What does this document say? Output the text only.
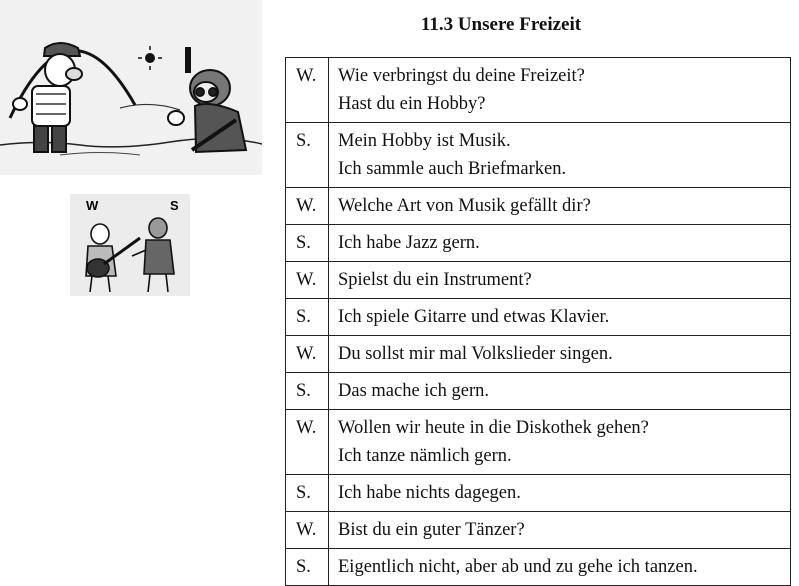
W	S
11.3 Unsere Freizeit
W.	Wie verbringst du deine Freizeit?
Hast du ein Hobby?

S.	Mein Hobby ist Musik.
Ich sammle auch Briefmarken.

W.	Welche Art von Musik gefällt dir?

S.	Ich habe Jazz gern.

W.	Spielst du ein Instrument?

S.	Ich spiele Gitarre und etwas Klavier.

W.	Du sollst mir mal Volkslieder singen.

S.	Das mache ich gern.

W.	Wollen wir heute in die Diskothek gehen?
Ich tanze nämlich gern.

S.	Ich habe nichts dagegen.

W.	Bist du ein guter Tänzer?

S.	Eigentlich nicht, aber ab und zu gehe ich tanzen.
